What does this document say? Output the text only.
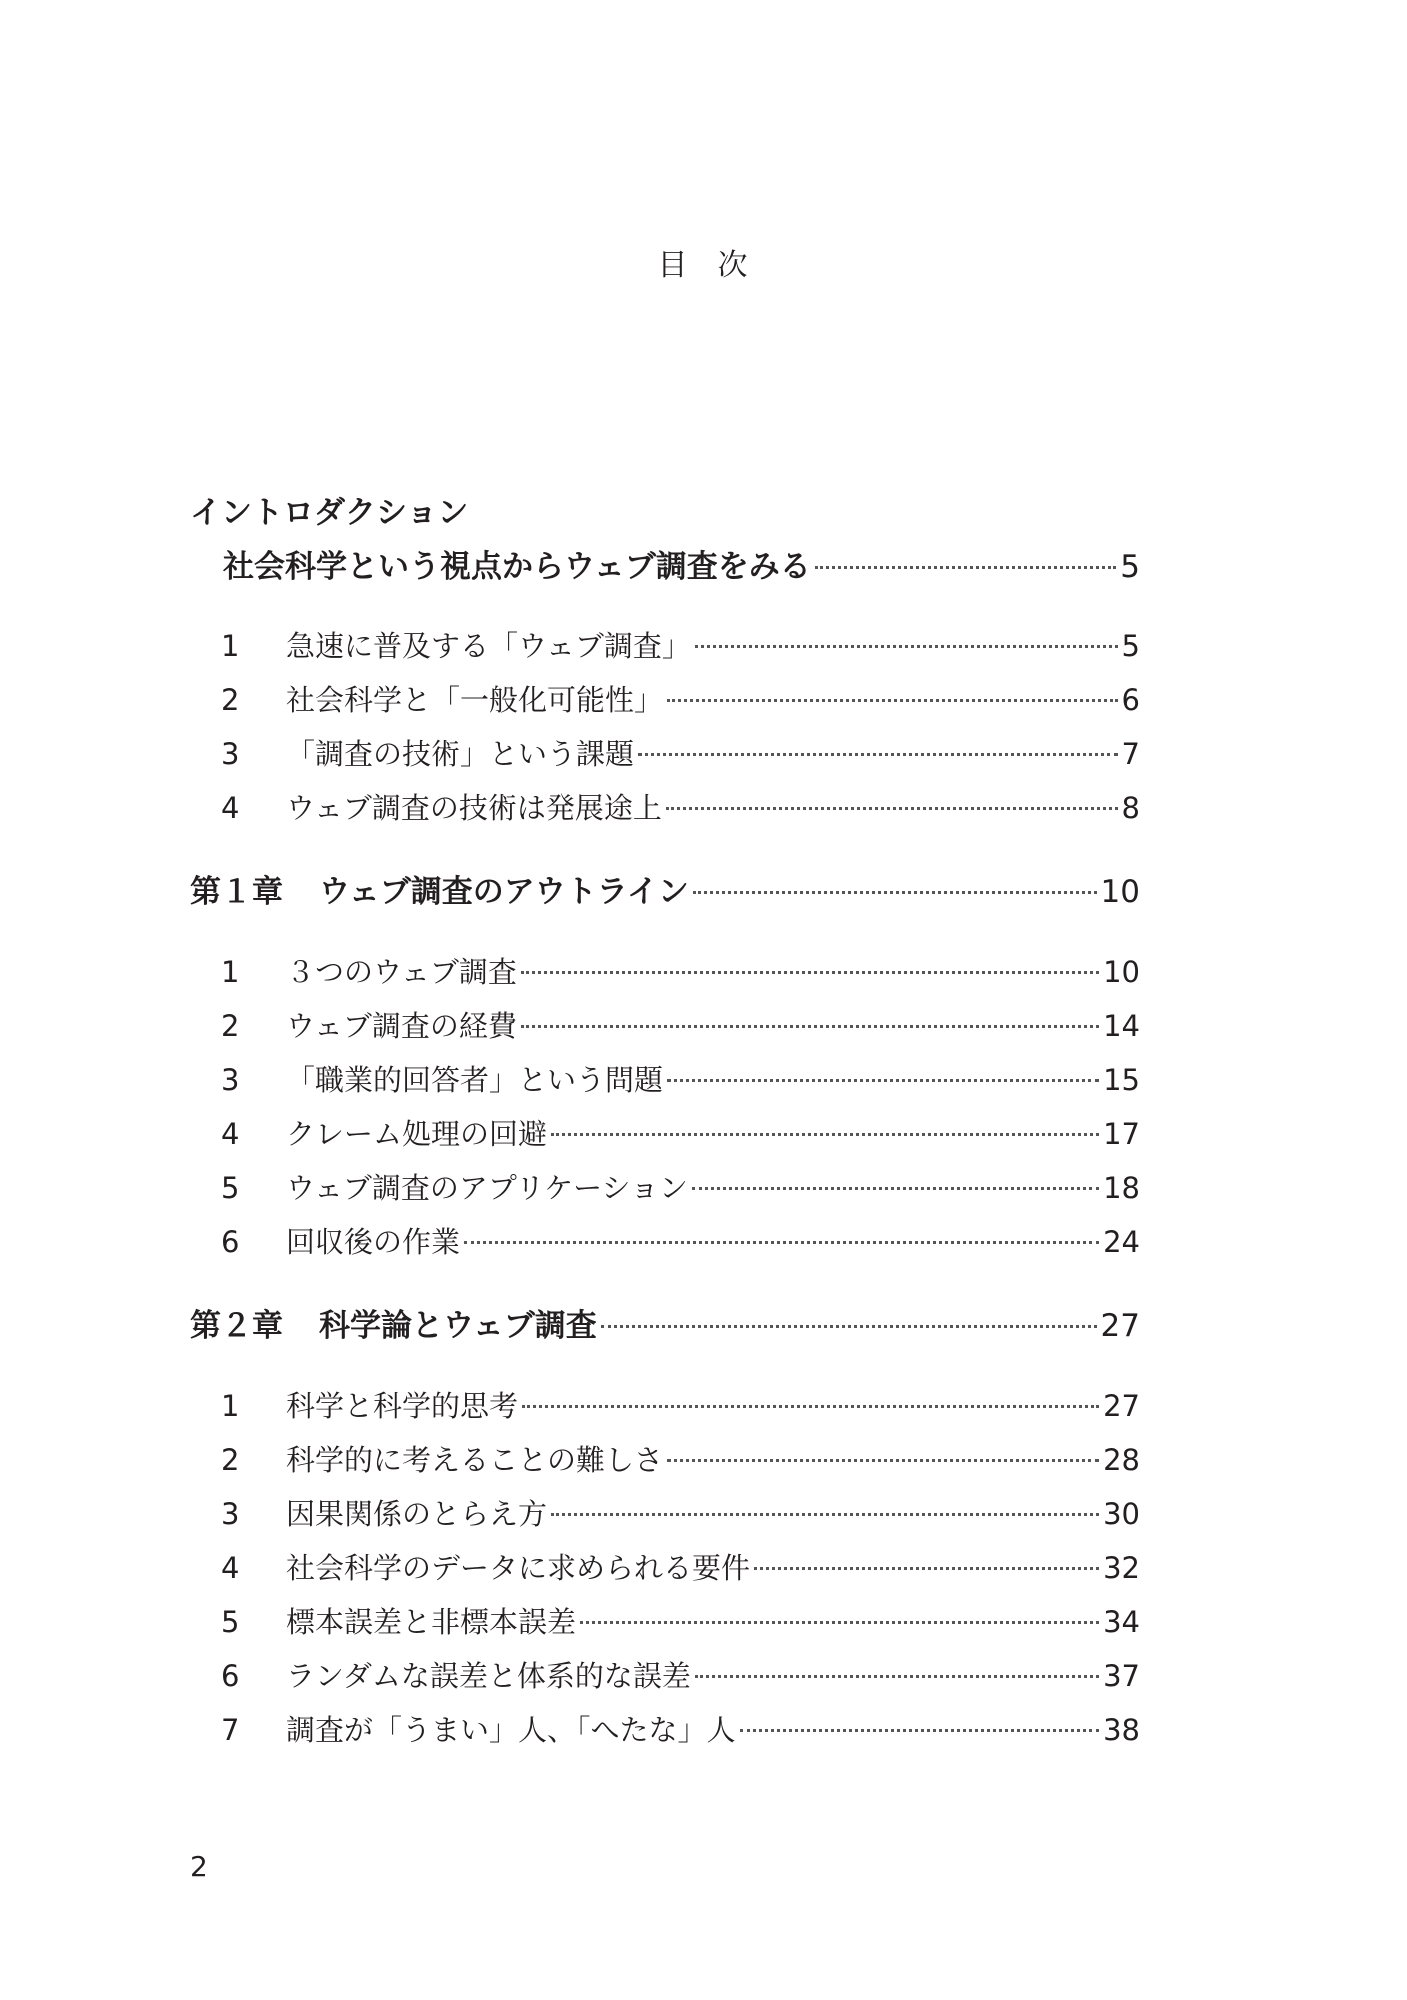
目 次
イントロダクション
社会科学という視点からウェブ調査をみる	5
1 急速に普及する「ウェブ調査」	5
2 社会科学と「一般化可能性」	6
3 「調査の技術」という課題	7
4 ウェブ調査の技術は発展途上	8
第１章 ウェブ調査のアウトライン	10
1 ３つのウェブ調査	10
2 ウェブ調査の経費	14
3 「職業的回答者」という問題	15
4 クレーム処理の回避	17
5 ウェブ調査のアプリケーション	18
6 回収後の作業	24
第２章 科学論とウェブ調査	27
1 科学と科学的思考	27
2 科学的に考えることの難しさ	28
3 因果関係のとらえ方	30
4 社会科学のデータに求められる要件	32
5 標本誤差と非標本誤差	34
6 ランダムな誤差と体系的な誤差	37
7 調査が「うまい」人、「へたな」人	38
2
